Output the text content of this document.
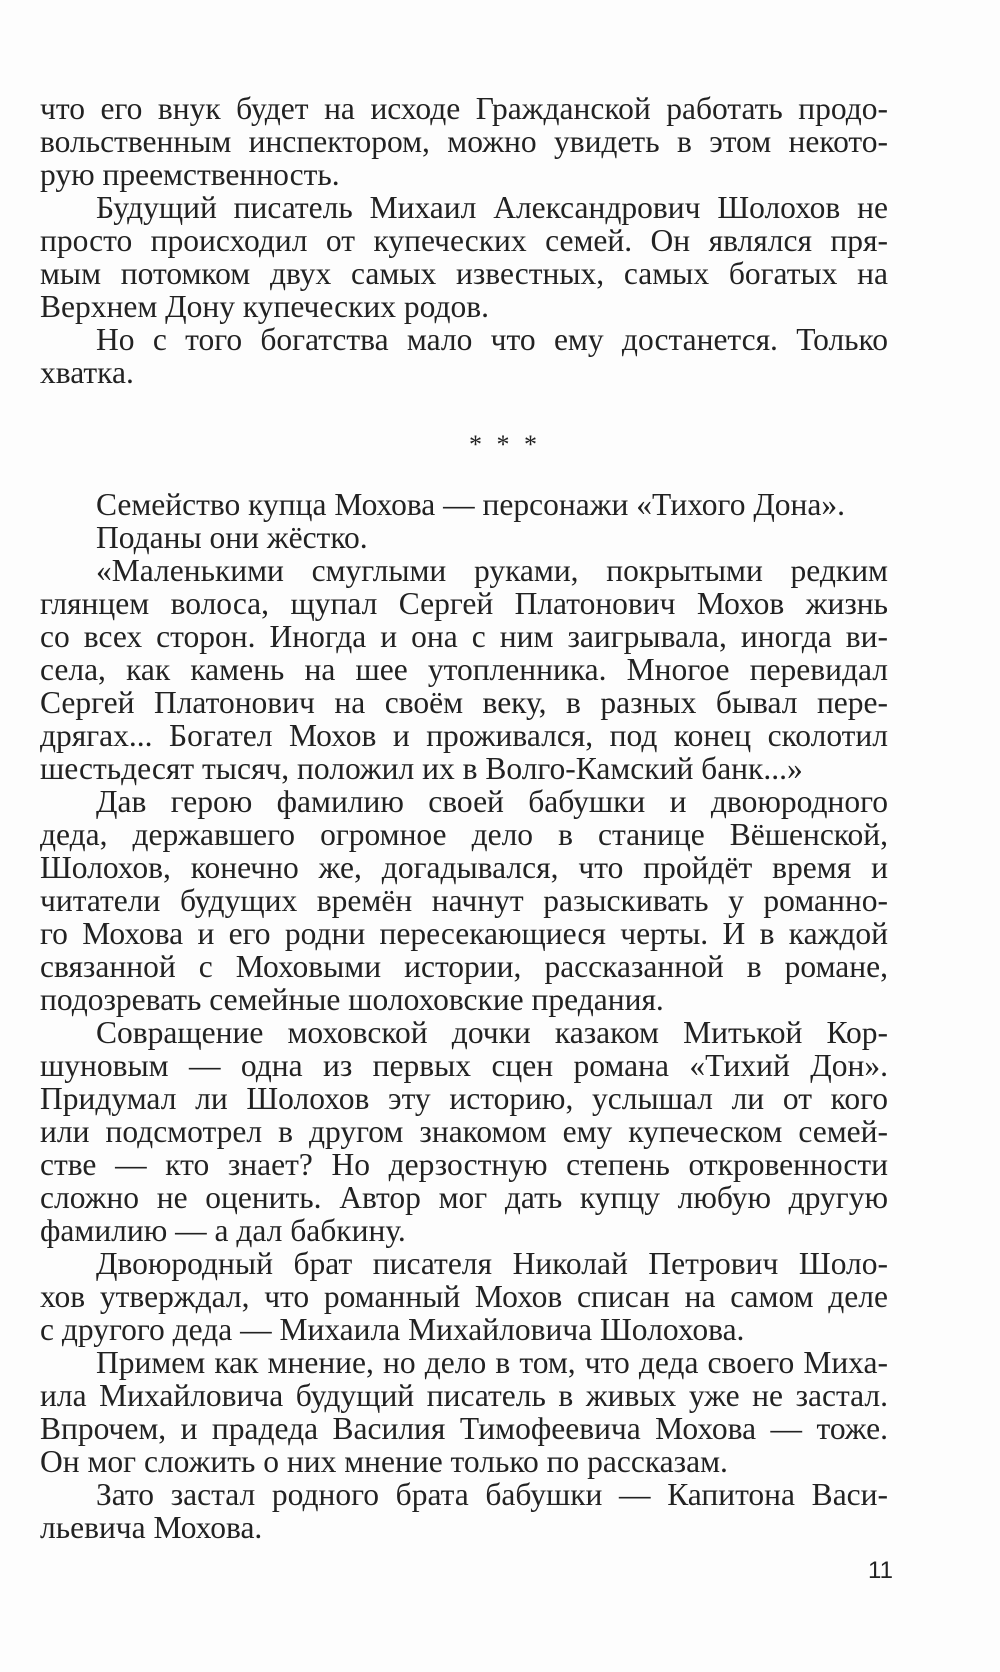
что его внук будет на исходе Гражданской работать продо-
вольственным инспектором, можно увидеть в этом некото-
рую преемственность.
Будущий писатель Михаил Александрович Шолохов не
просто происходил от купеческих семей. Он являлся пря-
мым потомком двух самых известных, самых богатых на
Верхнем Дону купеческих родов.
Но с того богатства мало что ему достанется. Только
хватка.
* * *
Семейство купца Мохова — персонажи «Тихого Дона».
Поданы они жёстко.
«Маленькими смуглыми руками, покрытыми редким
глянцем волоса, щупал Сергей Платонович Мохов жизнь
со всех сторон. Иногда и она с ним заигрывала, иногда ви-
села, как камень на шее утопленника. Многое перевидал
Сергей Платонович на своём веку, в разных бывал пере-
дрягах... Богател Мохов и проживался, под конец сколотил
шестьдесят тысяч, положил их в Волго-Камский банк...»
Дав герою фамилию своей бабушки и двоюродного
деда, державшего огромное дело в станице Вёшенской,
Шолохов, конечно же, догадывался, что пройдёт время и
читатели будущих времён начнут разыскивать у романно-
го Мохова и его родни пересекающиеся черты. И в каждой
связанной с Моховыми истории, рассказанной в романе,
подозревать семейные шолоховские предания.
Совращение моховской дочки казаком Митькой Кор-
шуновым — одна из первых сцен романа «Тихий Дон».
Придумал ли Шолохов эту историю, услышал ли от кого
или подсмотрел в другом знакомом ему купеческом семей-
стве — кто знает? Но дерзостную степень откровенности
сложно не оценить. Автор мог дать купцу любую другую
фамилию — а дал бабкину.
Двоюродный брат писателя Николай Петрович Шоло-
хов утверждал, что романный Мохов списан на самом деле
с другого деда — Михаила Михайловича Шолохова.
Примем как мнение, но дело в том, что деда своего Миха-
ила Михайловича будущий писатель в живых уже не застал.
Впрочем, и прадеда Василия Тимофеевича Мохова — тоже.
Он мог сложить о них мнение только по рассказам.
Зато застал родного брата бабушки — Капитона Васи-
льевича Мохова.
11
